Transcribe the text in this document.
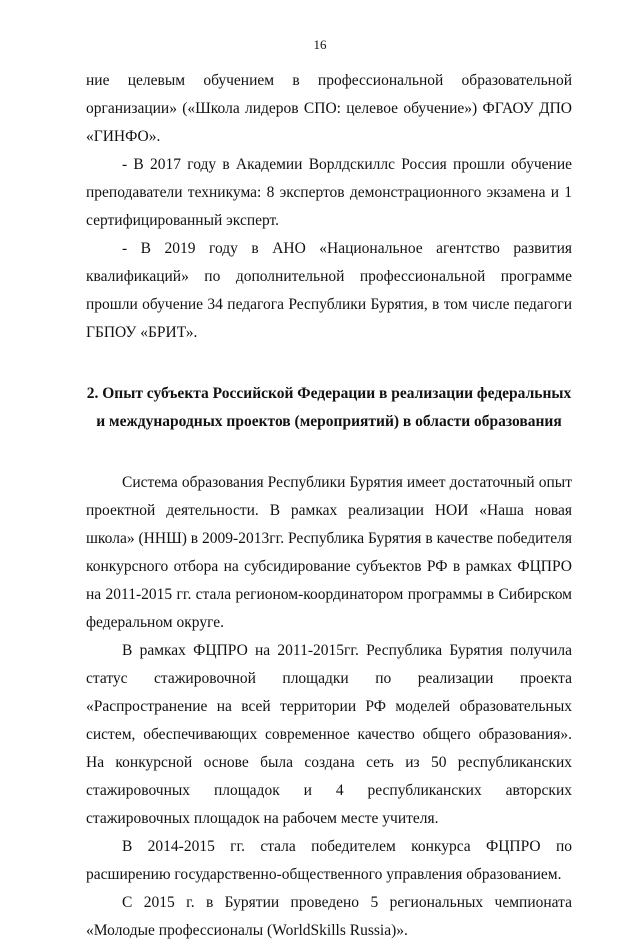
16

ние целевым обучением в профессиональной образовательной организации» («Школа лидеров СПО: целевое обучение») ФГАОУ ДПО «ГИНФО».

- В 2017 году в Академии Ворлдскиллс Россия прошли обучение преподаватели техникума: 8 экспертов демонстрационного экзамена и 1 сертифицированный эксперт.

- В 2019 году в АНО «Национальное агентство развития квалификаций» по дополнительной профессиональной программе прошли обучение 34 педагога Республики Бурятия, в том числе педагоги ГБПОУ «БРИТ».

2. Опыт субъекта Российской Федерации в реализации федеральных и международных проектов (мероприятий) в области образования

Система образования Республики Бурятия имеет достаточный опыт проектной деятельности. В рамках реализации НОИ «Наша новая школа» (ННШ) в 2009-2013гг. Республика Бурятия в качестве победителя конкурсного отбора на субсидирование субъектов РФ в рамках ФЦПРО на 2011-2015 гг. стала регионом-координатором программы в Сибирском федеральном округе.

В рамках ФЦПРО на 2011-2015гг. Республика Бурятия получила статус стажировочной площадки по реализации проекта «Распространение на всей территории РФ моделей образовательных систем, обеспечивающих современное качество общего образования». На конкурсной основе была создана сеть из 50 республиканских стажировочных площадок и 4 республиканских авторских стажировочных площадок на рабочем месте учителя.

В 2014-2015 гг. стала победителем конкурса ФЦПРО по расширению государственно-общественного управления образованием.

С 2015 г. в Бурятии проведено 5 региональных чемпионата «Молодые профессионалы (WorldSkills Russia)».
